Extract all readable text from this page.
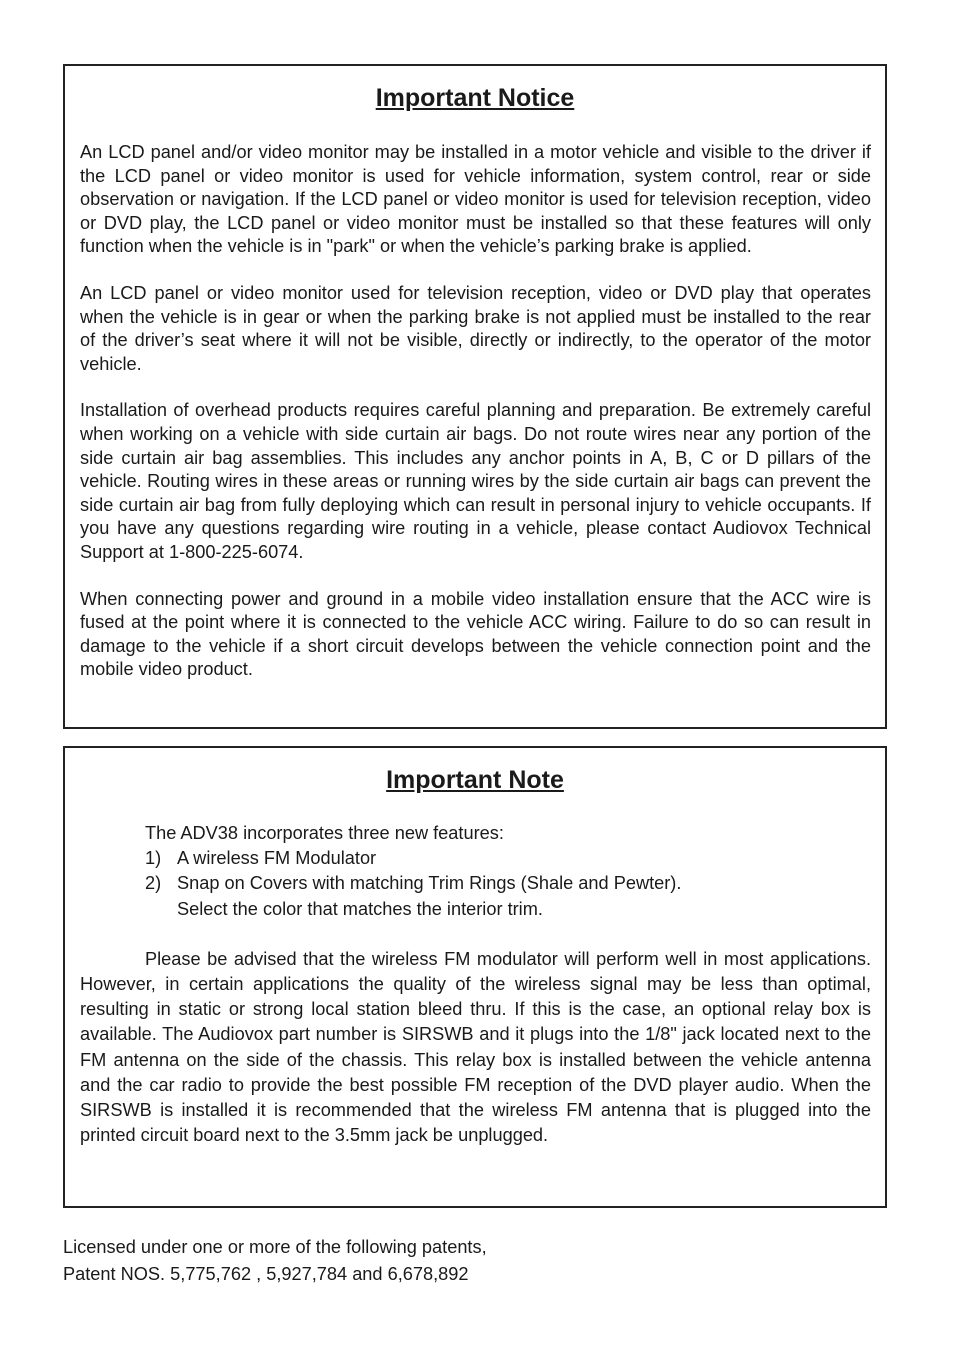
Important Notice

An LCD panel and/or video monitor may be installed in a motor vehicle and visible to the driver if the LCD panel or video monitor is used for vehicle information, system control, rear or side observation or navigation. If the LCD panel or video monitor is used for television reception, video or DVD play, the LCD panel or video monitor must be installed so that these features will only function when the vehicle is in "park" or when the vehicle’s parking brake is applied.

An LCD panel or video monitor used for television reception, video or DVD play that operates when the vehicle is in gear or when the parking brake is not applied must be installed to the rear of the driver’s seat where it will not be visible, directly or indirectly, to the operator of the motor vehicle.

Installation of overhead products requires careful planning and preparation. Be extremely careful when working on a vehicle with side curtain air bags. Do not route wires near any portion of the side curtain air bag assemblies. This includes any anchor points in A, B, C or D pillars of the vehicle. Routing wires in these areas or running wires by the side curtain air bags can prevent the side curtain air bag from fully deploying which can result in personal injury to vehicle occupants. If you have any questions regarding wire routing in a vehicle, please contact Audiovox Technical Support at 1-800-225-6074.

When connecting power and ground in a mobile video installation ensure that the ACC wire is fused at the point where it is connected to the vehicle ACC wiring. Failure to do so can result in damage to the vehicle if a short circuit develops between the vehicle connection point and the mobile video product.

Important Note
The ADV38 incorporates three new features:
1) A wireless FM Modulator
2) Snap on Covers with matching Trim Rings (Shale and Pewter).
Select the color that matches the interior trim.

Please be advised that the wireless FM modulator will perform well in most applications. However, in certain applications the quality of the wireless signal may be less than optimal, resulting in static or strong local station bleed thru. If this is the case, an optional relay box is available. The Audiovox part number is SIRSWB and it plugs into the 1/8" jack located next to the FM antenna on the side of the chassis. This relay box is installed between the vehicle antenna and the car radio to provide the best possible FM reception of the DVD player audio. When the SIRSWB is installed it is recommended that the wireless FM antenna that is plugged into the printed circuit board next to the 3.5mm jack be unplugged.

Licensed under one or more of the following patents,
Patent NOS. 5,775,762 , 5,927,784 and 6,678,892
